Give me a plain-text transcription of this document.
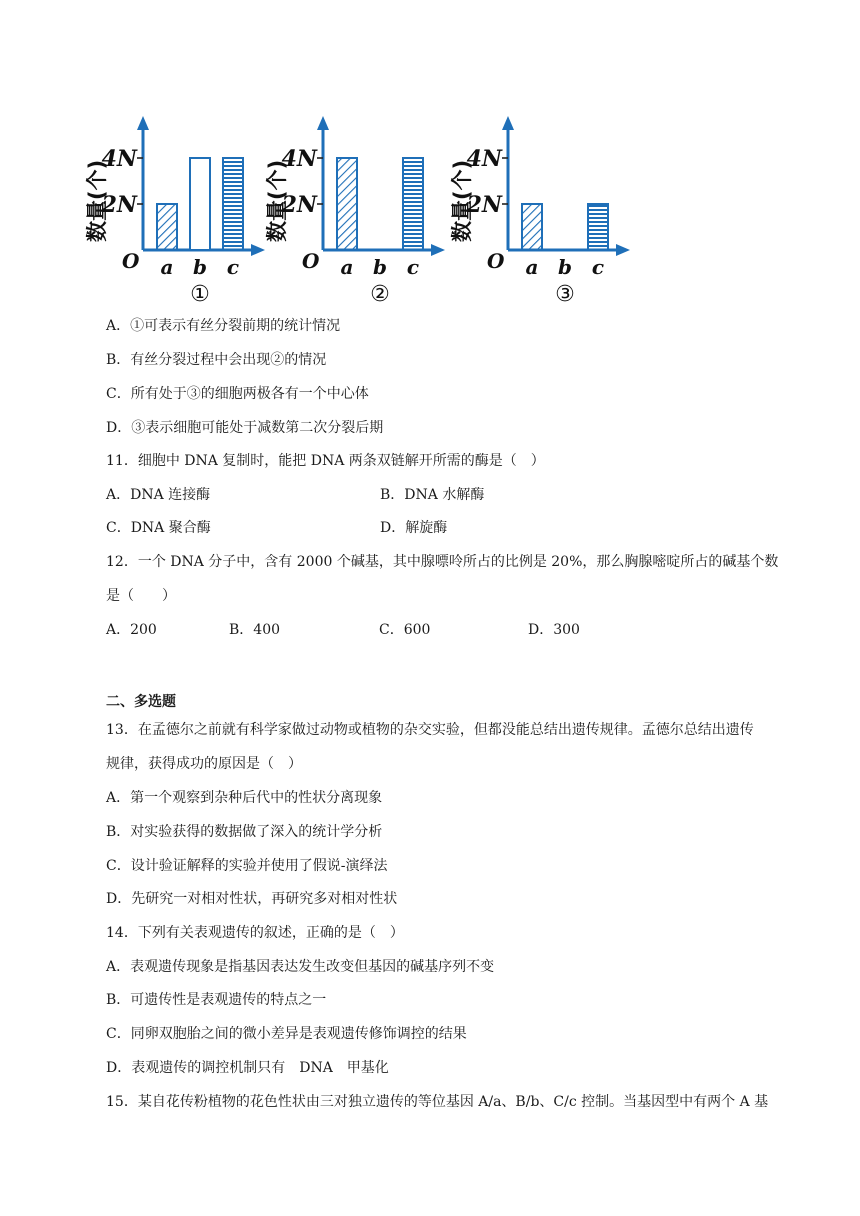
4N
2N
数量(个)
O a b c
①
4N
2N
数量(个)
O a b c
②
4N
2N
数量(个)
O a b c
③
A．①可表示有丝分裂前期的统计情况
B．有丝分裂过程中会出现②的情况
C．所有处于③的细胞两极各有一个中心体
D．③表示细胞可能处于减数第二次分裂后期
11．细胞中 DNA 复制时，能把 DNA 两条双链解开所需的酶是（　）
A．DNA 连接酶	B．DNA 水解酶
C．DNA 聚合酶	D．解旋酶
12．一个 DNA 分子中，含有 2000 个碱基，其中腺嘌呤所占的比例是 20%，那么胸腺嘧啶所占的碱基个数
是（　　）
A．200	B．400	C．600	D．300
二、多选题
13．在孟德尔之前就有科学家做过动物或植物的杂交实验，但都没能总结出遗传规律。孟德尔总结出遗传
规律，获得成功的原因是（　）
A．第一个观察到杂种后代中的性状分离现象
B．对实验获得的数据做了深入的统计学分析
C．设计验证解释的实验并使用了假说-演绎法
D．先研究一对相对性状，再研究多对相对性状
14．下列有关表观遗传的叙述，正确的是（　）
A．表观遗传现象是指基因表达发生改变但基因的碱基序列不变
B．可遗传性是表观遗传的特点之一
C．同卵双胞胎之间的微小差异是表观遗传修饰调控的结果
D．表观遗传的调控机制只有　DNA　甲基化
15．某自花传粉植物的花色性状由三对独立遗传的等位基因 A/a、B/b、C/c 控制。当基因型中有两个 A 基
